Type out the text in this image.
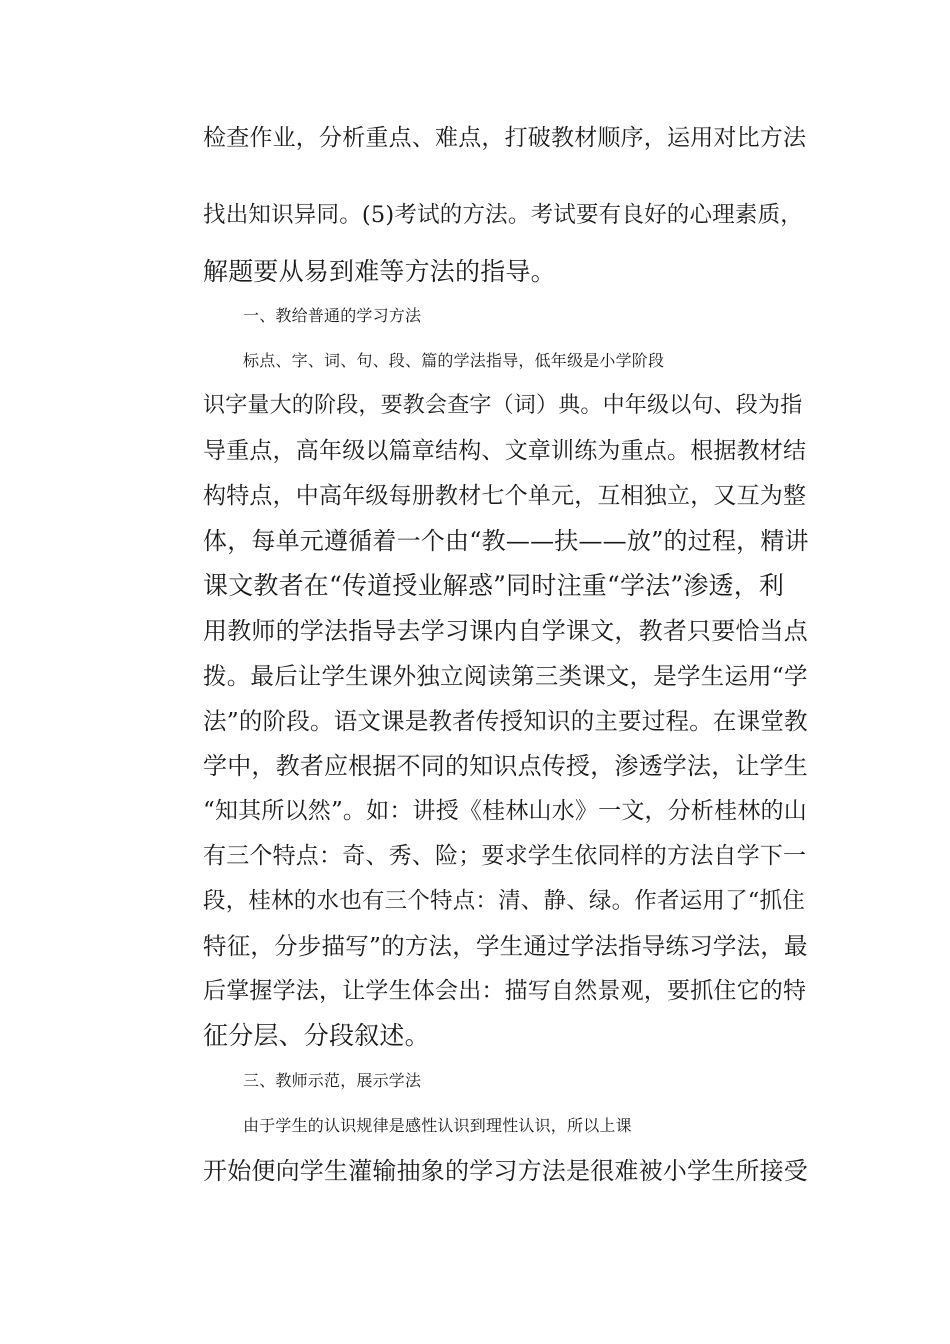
检查作业，分析重点、难点，打破教材顺序，运用对比方法
找出知识异同。(5)考试的方法。考试要有良好的心理素质，
解题要从易到难等方法的指导。
一、教给普通的学习方法
标点、字、词、句、段、篇的学法指导，低年级是小学阶段
识字量大的阶段，要教会查字（词）典。中年级以句、段为指
导重点，高年级以篇章结构、文章训练为重点。根据教材结
构特点，中高年级每册教材七个单元，互相独立，又互为整
体，每单元遵循着一个由“教——扶——放”的过程，精讲
课文教者在“传道授业解惑”同时注重“学法”渗透，利
用教师的学法指导去学习课内自学课文，教者只要恰当点
拨。最后让学生课外独立阅读第三类课文，是学生运用“学
法”的阶段。语文课是教者传授知识的主要过程。在课堂教
学中，教者应根据不同的知识点传授，渗透学法，让学生
“知其所以然”。如：讲授《桂林山水》一文，分析桂林的山
有三个特点：奇、秀、险；要求学生依同样的方法自学下一
段，桂林的水也有三个特点：清、静、绿。作者运用了“抓住
特征，分步描写”的方法，学生通过学法指导练习学法，最
后掌握学法，让学生体会出：描写自然景观，要抓住它的特
征分层、分段叙述。
三、教师示范，展示学法
由于学生的认识规律是感性认识到理性认识，所以上课
开始便向学生灌输抽象的学习方法是很难被小学生所接受
